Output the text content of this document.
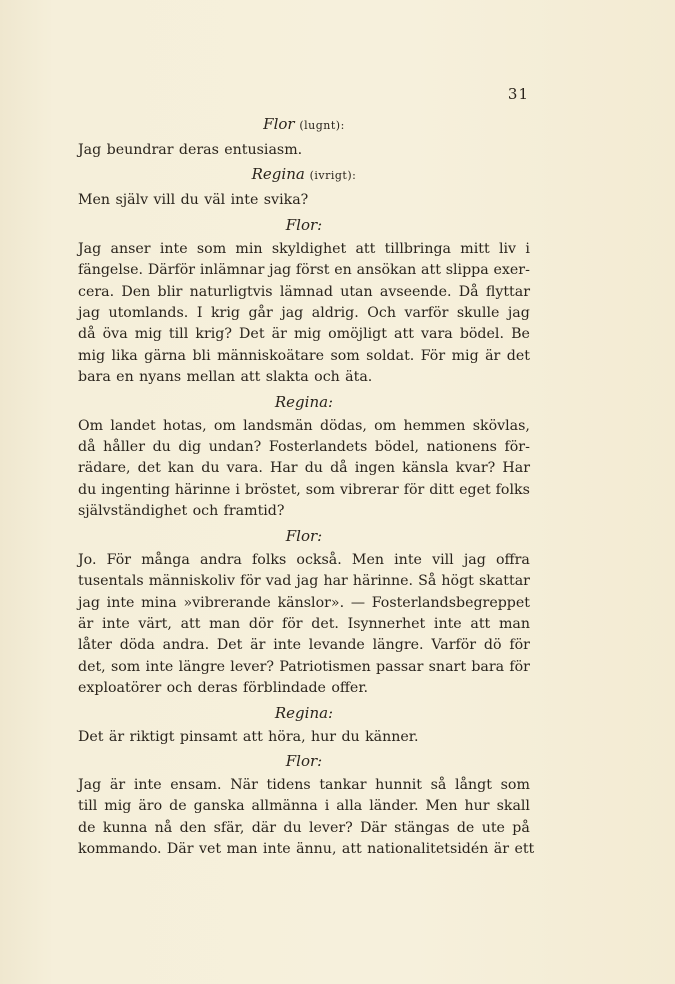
31
Flor (lugnt):
Jag beundrar deras entusiasm.
Regina (ivrigt):
Men själv vill du väl inte svika?
Flor:
Jag anser inte som min skyldighet att tillbringa mitt liv i
fängelse. Därför inlämnar jag först en ansökan att slippa exer-
cera. Den blir naturligtvis lämnad utan avseende. Då flyttar
jag utomlands. I krig går jag aldrig. Och varför skulle jag
då öva mig till krig? Det är mig omöjligt att vara bödel. Be
mig lika gärna bli människoätare som soldat. För mig är det
bara en nyans mellan att slakta och äta.
Regina:
Om landet hotas, om landsmän dödas, om hemmen skövlas,
då håller du dig undan? Fosterlandets bödel, nationens för-
rädare, det kan du vara. Har du då ingen känsla kvar? Har
du ingenting härinne i bröstet, som vibrerar för ditt eget folks
självständighet och framtid?
Flor:
Jo. För många andra folks också. Men inte vill jag offra
tusentals människoliv för vad jag har härinne. Så högt skattar
jag inte mina »vibrerande känslor». — Fosterlandsbegreppet
är inte värt, att man dör för det. Isynnerhet inte att man
låter döda andra. Det är inte levande längre. Varför dö för
det, som inte längre lever? Patriotismen passar snart bara för
exploatörer och deras förblindade offer.
Regina:
Det är riktigt pinsamt att höra, hur du känner.
Flor:
Jag är inte ensam. När tidens tankar hunnit så långt som
till mig äro de ganska allmänna i alla länder. Men hur skall
de kunna nå den sfär, där du lever? Där stängas de ute på
kommando. Där vet man inte ännu, att nationalitetsidén är ett
